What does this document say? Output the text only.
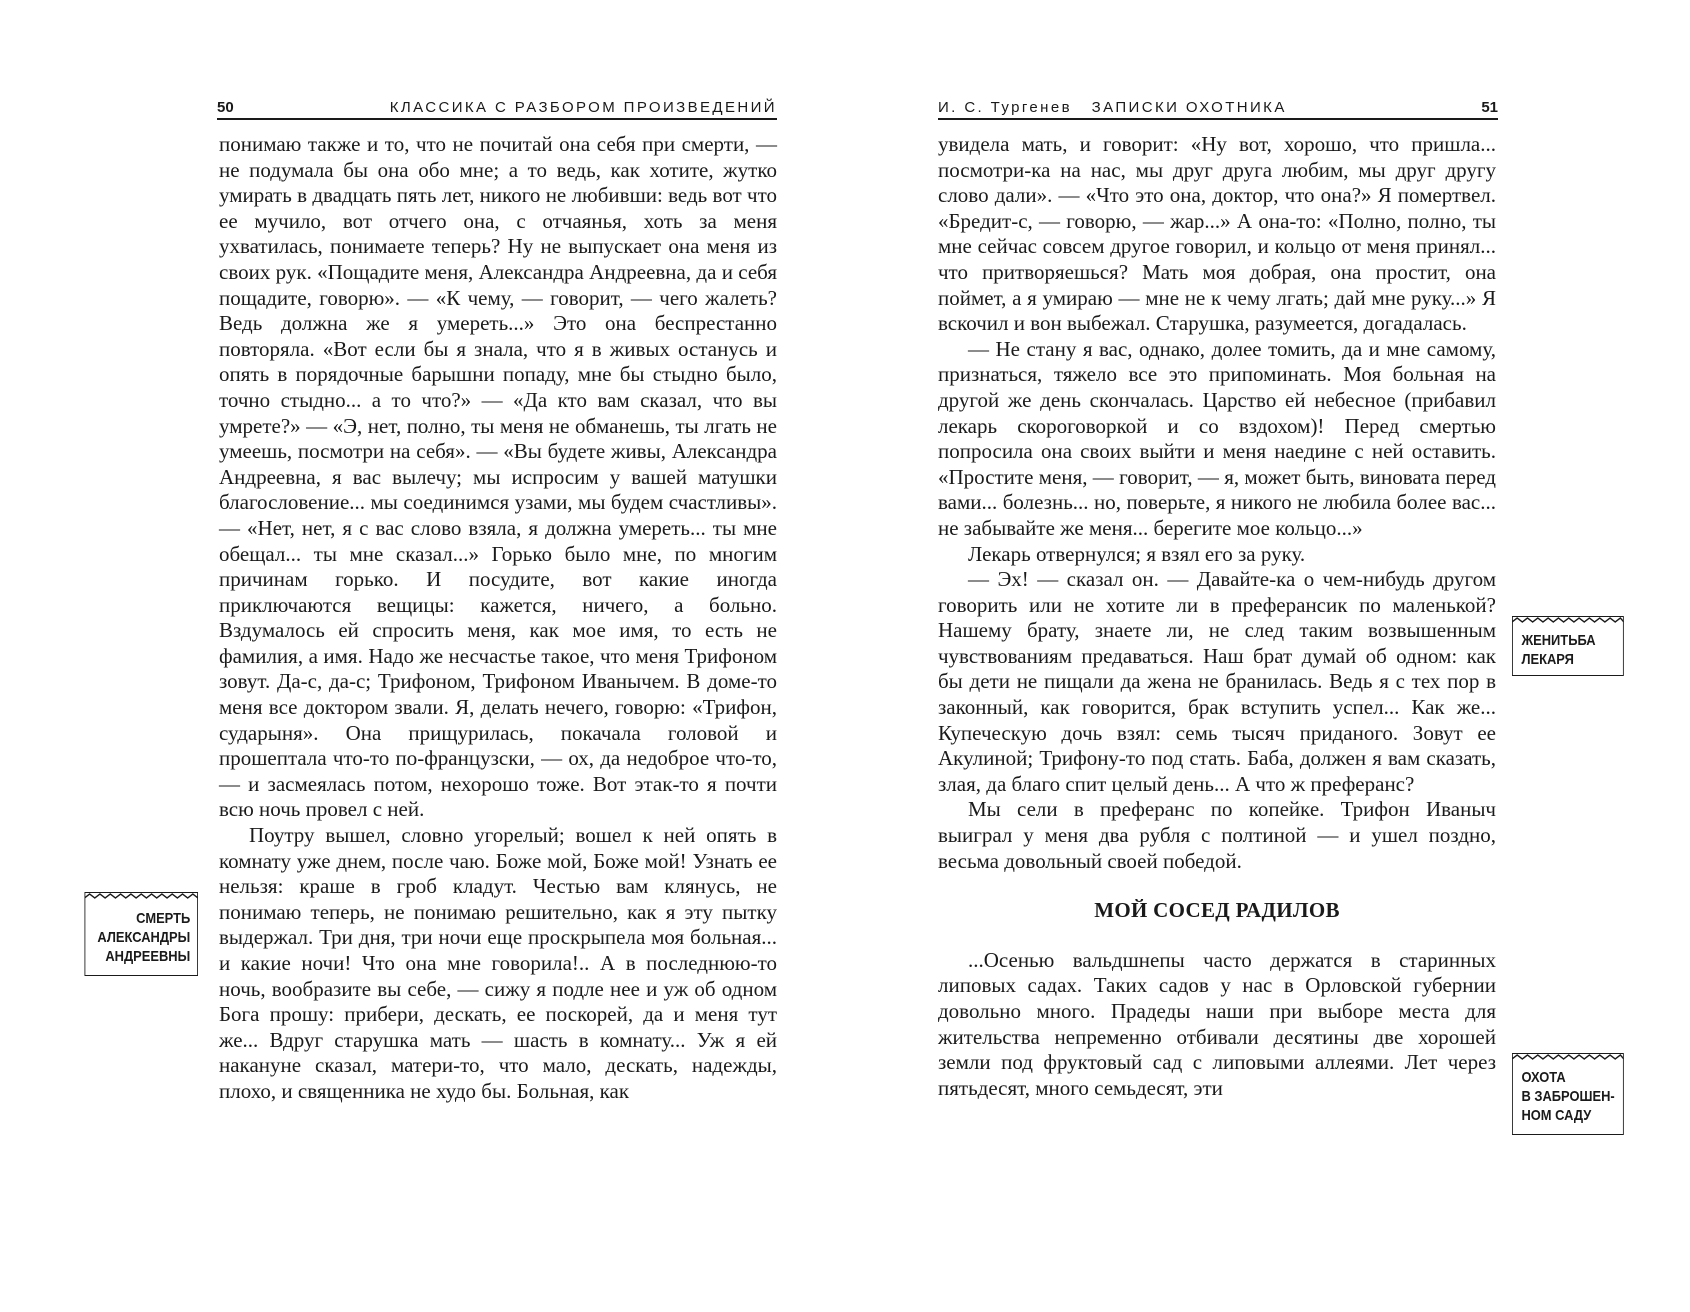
50	КЛАССИКА С РАЗБОРОМ ПРОИЗВЕДЕНИЙ

понимаю также и то, что не почитай она себя при смерти, — не подумала бы она обо мне; а то ведь, как хотите, жутко умирать в двадцать пять лет, никого не любивши: ведь вот что ее мучило, вот отчего она, с отчаянья, хоть за меня ухватилась, понимаете теперь? Ну не выпускает она меня из своих рук. «Пощадите меня, Александра Андреевна, да и себя пощадите, говорю». — «К чему, — говорит, — чего жалеть? Ведь должна же я умереть...» Это она беспрестанно повторяла. «Вот если бы я знала, что я в живых останусь и опять в порядочные барышни попаду, мне бы стыдно было, точно стыдно... а то что?» — «Да кто вам сказал, что вы умрете?» — «Э, нет, полно, ты меня не обманешь, ты лгать не умеешь, посмотри на себя». — «Вы будете живы, Александра Андреевна, я вас вылечу; мы испросим у вашей матушки благословение... мы соединимся узами, мы будем счастливы». — «Нет, нет, я с вас слово взяла, я должна умереть... ты мне обещал... ты мне сказал...» Горько было мне, по многим причинам горько. И посудите, вот какие иногда приключаются вещицы: кажется, ничего, а больно. Вздумалось ей спросить меня, как мое имя, то есть не фамилия, а имя. Надо же несчастье такое, что меня Трифоном зовут. Да-с, да-с; Трифоном, Трифоном Иванычем. В доме-то меня все доктором звали. Я, делать нечего, говорю: «Трифон, сударыня». Она прищурилась, покачала головой и прошептала что-то по-французски, — ох, да недоброе что-то, — и засмеялась потом, нехорошо тоже. Вот этак-то я почти всю ночь провел с ней.

Поутру вышел, словно угорелый; вошел к ней опять в комнату уже днем, после чаю. Боже мой, Боже мой! Узнать ее нельзя: краше в гроб кладут. Честью вам клянусь, не понимаю теперь, не понимаю решительно, как я эту пытку выдержал. Три дня, три ночи еще проскрыпела моя больная... и какие ночи! Что она мне говорила!.. А в последнюю-то ночь, вообразите вы себе, — сижу я подле нее и уж об одном Бога прошу: прибери, дескать, ее поскорей, да и меня тут же... Вдруг старушка мать — шасть в комнату... Уж я ей накануне сказал, матери-то, что мало, дескать, надежды, плохо, и священника не худо бы. Больная, как

СМЕРТЬ
АЛЕКСАНДРЫ
АНДРЕЕВНЫ
И. С. Тургенев   ЗАПИСКИ ОХОТНИКА	51

увидела мать, и говорит: «Ну вот, хорошо, что пришла... посмотри-ка на нас, мы друг друга любим, мы друг другу слово дали». — «Что это она, доктор, что она?» Я помертвел. «Бредит-с, — говорю, — жар...» А она-то: «Полно, полно, ты мне сейчас совсем другое говорил, и кольцо от меня принял... что притворяешься? Мать моя добрая, она простит, она поймет, а я умираю — мне не к чему лгать; дай мне руку...» Я вскочил и вон выбежал. Старушка, разумеется, догадалась.

— Не стану я вас, однако, долее томить, да и мне самому, признаться, тяжело все это припоминать. Моя больная на другой же день скончалась. Царство ей небесное (прибавил лекарь скороговоркой и со вздохом)! Перед смертью попросила она своих выйти и меня наедине с ней оставить. «Простите меня, — говорит, — я, может быть, виновата перед вами... болезнь... но, поверьте, я никого не любила более вас... не забывайте же меня... берегите мое кольцо...»

Лекарь отвернулся; я взял его за руку.

— Эх! — сказал он. — Давайте-ка о чем-нибудь другом говорить или не хотите ли в преферансик по маленькой? Нашему брату, знаете ли, не след таким возвышенным чувствованиям предаваться. Наш брат думай об одном: как бы дети не пищали да жена не бранилась. Ведь я с тех пор в законный, как говорится, брак вступить успел... Как же... Купеческую дочь взял: семь тысяч приданого. Зовут ее Акулиной; Трифону-то под стать. Баба, должен я вам сказать, злая, да благо спит целый день... А что ж преферанс?

Мы сели в преферанс по копейке. Трифон Иваныч выиграл у меня два рубля с полтиной — и ушел поздно, весьма довольный своей победой.

МОЙ СОСЕД РАДИЛОВ

...Осенью вальдшнепы часто держатся в старинных липовых садах. Таких садов у нас в Орловской губернии довольно много. Прадеды наши при выборе места для жительства непременно отбивали десятины две хорошей земли под фруктовый сад с липовыми аллеями. Лет через пятьдесят, много семьдесят, эти

ЖЕНИТЬБА
ЛЕКАРЯ
ОХОТА
В ЗАБРОШЕН-
НОМ САДУ
